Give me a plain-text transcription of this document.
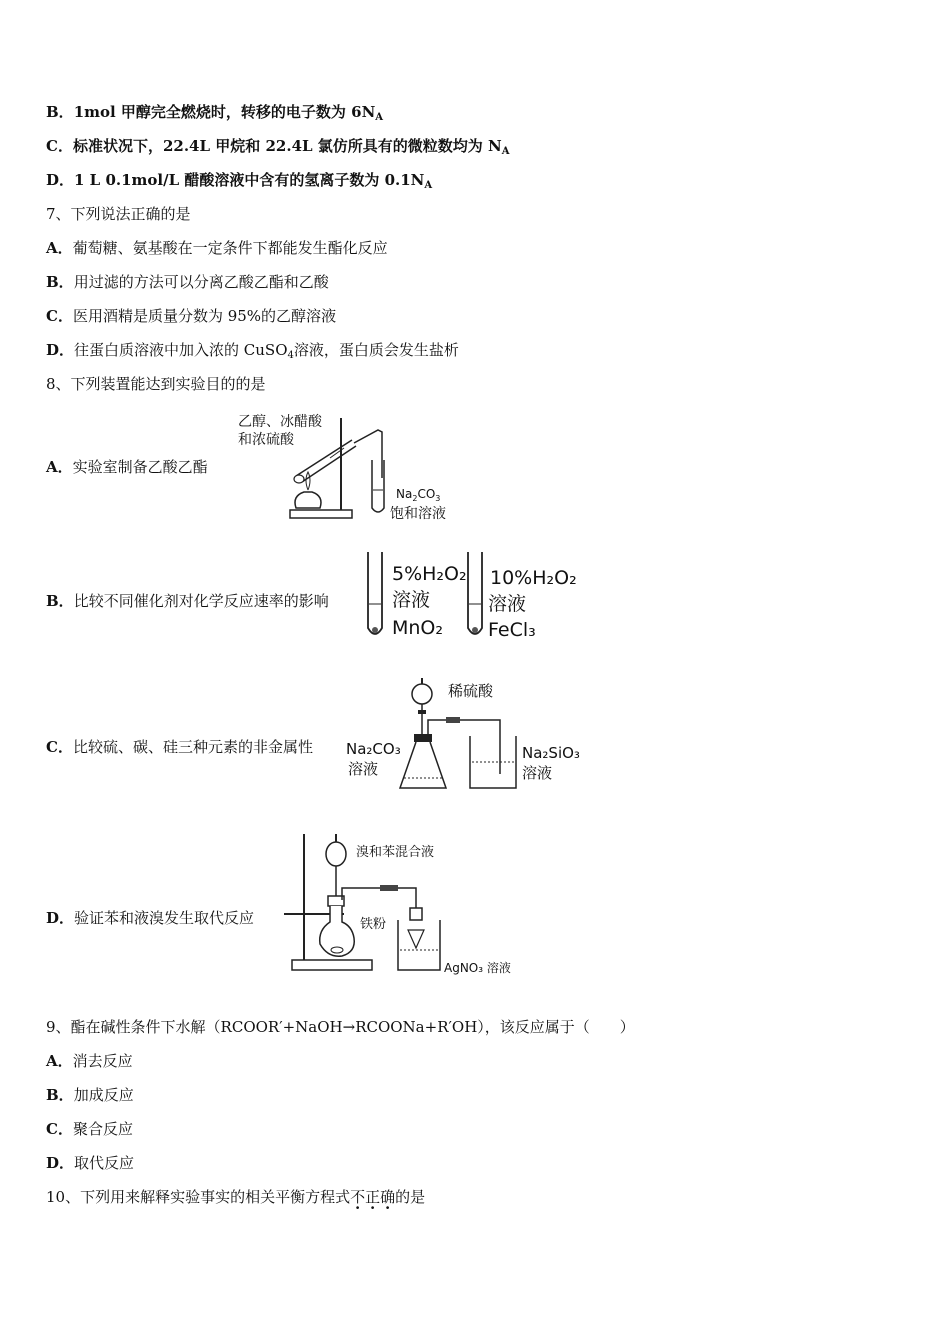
B．1mol 甲醇完全燃烧时，转移的电子数为 $6N_A$
C．标准状况下，22.4L 甲烷和 22.4L 氯仿所具有的微粒数均为 $N_A$
D．1 L 0.1mol/L 醋酸溶液中含有的氢离子数为 $0.1N_A$
7、下列说法正确的是
A．葡萄糖、氨基酸在一定条件下都能发生酯化反应
B．用过滤的方法可以分离乙酸乙酯和乙酸
C．医用酒精是质量分数为 95%的乙醇溶液
D．往蛋白质溶液中加入浓的 CuSO$_4$溶液，蛋白质会发生盐析
8、下列装置能达到实验目的的是
A．实验室制备乙酸乙酯
乙醇、冰醋酸
和浓硫酸
$Na_2CO_3$
饱和溶液
B．比较不同催化剂对化学反应速率的影响
5%H₂O₂
溶液
MnO₂
10%H₂O₂
溶液
FeCl₃
C．比较硫、碳、硅三种元素的非金属性
稀硫酸
Na₂CO₃
溶液
Na₂SiO₃
溶液
D．验证苯和液溴发生取代反应
溴和苯混合液
铁粉
AgNO₃ 溶液
9、酯在碱性条件下水解（RCOOR′+NaOH→RCOONa+R′OH），该反应属于（　　）
A．消去反应
B．加成反应
C．聚合反应
D．取代反应
10、下列用来解释实验事实的相关平衡方程式不正确的是
